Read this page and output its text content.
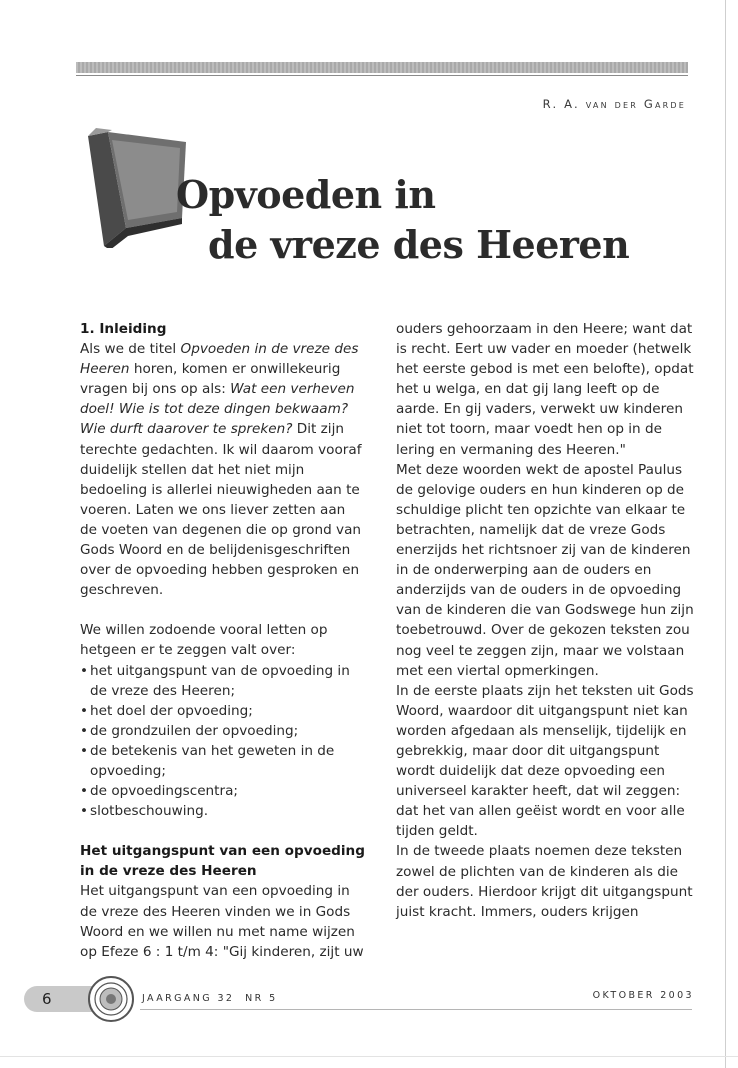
R. A. van der Garde
Opvoeden in
de vreze des Heeren
1. Inleiding

Als we de titel Opvoeden in de vreze des Heeren horen, komen er onwillekeurig vragen bij ons op als: Wat een verheven doel! Wie is tot deze dingen bekwaam? Wie durft daarover te spreken? Dit zijn terechte gedachten. Ik wil daarom vooraf duidelijk stellen dat het niet mijn bedoeling is allerlei nieuwigheden aan te voeren. Laten we ons liever zetten aan de voeten van degenen die op grond van Gods Woord en de belijdenisgeschriften over de opvoeding hebben gesproken en geschreven.

We willen zodoende vooral letten op hetgeen er te zeggen valt over:

• het uitgangspunt van de opvoeding in de vreze des Heeren;
• het doel der opvoeding;
• de grondzuilen der opvoeding;
• de betekenis van het geweten in de opvoeding;
• de opvoedingscentra;
• slotbeschouwing.
Het uitgangspunt van een opvoeding in de vreze des Heeren

Het uitgangspunt van een opvoeding in de vreze des Heeren vinden we in Gods Woord en we willen nu met name wijzen op Efeze 6 : 1 t/m 4: "Gij kinderen, zijt uw

ouders gehoorzaam in den Heere; want dat is recht. Eert uw vader en moeder (hetwelk het eerste gebod is met een belofte), opdat het u welga, en dat gij lang leeft op de aarde. En gij vaders, verwekt uw kinderen niet tot toorn, maar voedt hen op in de lering en vermaning des Heeren."

Met deze woorden wekt de apostel Paulus de gelovige ouders en hun kinderen op de schuldige plicht ten opzichte van elkaar te betrachten, namelijk dat de vreze Gods enerzijds het richtsnoer zij van de kinderen in de onderwerping aan de ouders en anderzijds van de ouders in de opvoeding van de kinderen die van Godswege hun zijn toebetrouwd. Over de gekozen teksten zou nog veel te zeggen zijn, maar we volstaan met een viertal opmerkingen.

In de eerste plaats zijn het teksten uit Gods Woord, waardoor dit uitgangspunt niet kan worden afgedaan als menselijk, tijdelijk en gebrekkig, maar door dit uitgangspunt wordt duidelijk dat deze opvoeding een universeel karakter heeft, dat wil zeggen: dat het van allen geëist wordt en voor alle tijden geldt.

In de tweede plaats noemen deze teksten zowel de plichten van de kinderen als die der ouders. Hierdoor krijgt dit uitgangspunt juist kracht. Immers, ouders krijgen

6	JAARGANG 32  NR 5	OKTOBER 2003
